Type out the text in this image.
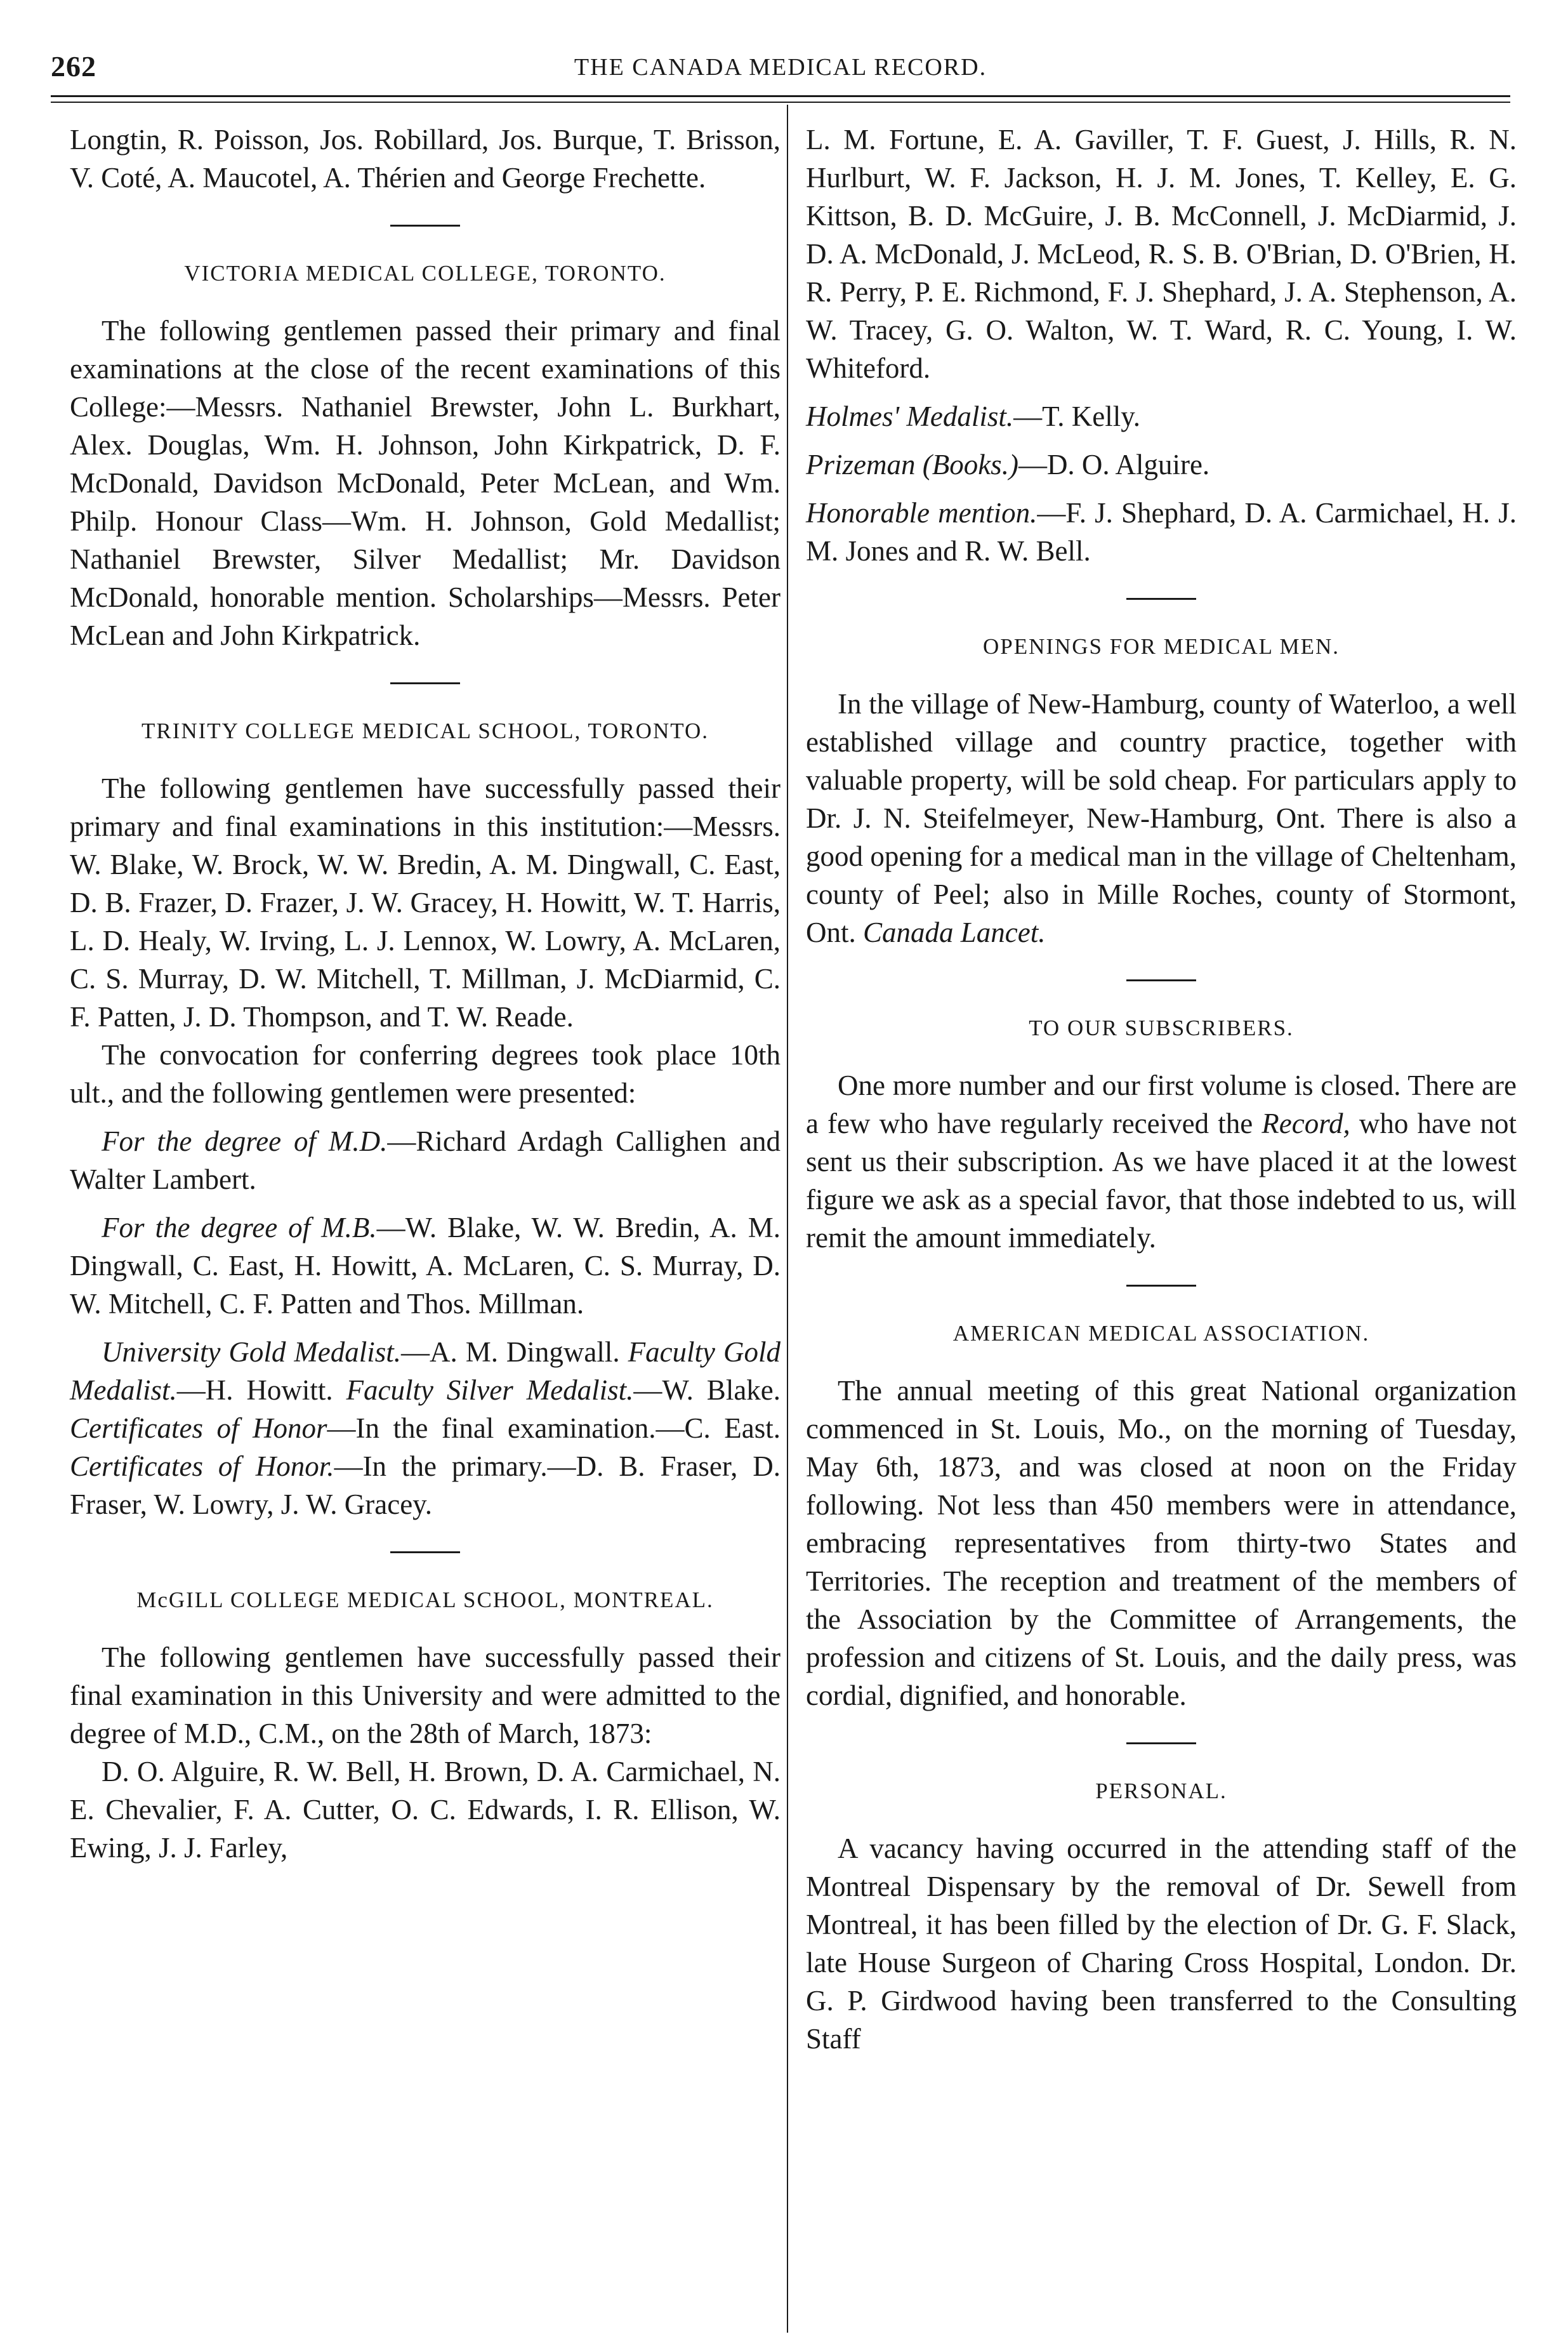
262	THE CANADA MEDICAL RECORD.

Longtin, R. Poisson, Jos. Robillard, Jos. Burque, T. Brisson, V. Coté, A. Maucotel, A. Thérien and George Frechette.

VICTORIA MEDICAL COLLEGE, TORONTO.

The following gentlemen passed their primary and final examinations at the close of the recent examinations of this College:—Messrs. Nathaniel Brewster, John L. Burkhart, Alex. Douglas, Wm. H. Johnson, John Kirkpatrick, D. F. McDonald, Davidson McDonald, Peter McLean, and Wm. Philp. Honour Class—Wm. H. Johnson, Gold Medallist; Nathaniel Brewster, Silver Medallist; Mr. Davidson McDonald, honorable mention. Scholarships—Messrs. Peter McLean and John Kirkpatrick.

TRINITY COLLEGE MEDICAL SCHOOL, TORONTO.

The following gentlemen have successfully passed their primary and final examinations in this institution:—Messrs. W. Blake, W. Brock, W. W. Bredin, A. M. Dingwall, C. East, D. B. Frazer, D. Frazer, J. W. Gracey, H. Howitt, W. T. Harris, L. D. Healy, W. Irving, L. J. Lennox, W. Lowry, A. McLaren, C. S. Murray, D. W. Mitchell, T. Millman, J. McDiarmid, C. F. Patten, J. D. Thompson, and T. W. Reade.

The convocation for conferring degrees took place 10th ult., and the following gentlemen were presented:

For the degree of M.D.—Richard Ardagh Callighen and Walter Lambert.

For the degree of M.B.—W. Blake, W. W. Bredin, A. M. Dingwall, C. East, H. Howitt, A. McLaren, C. S. Murray, D. W. Mitchell, C. F. Patten and Thos. Millman.

University Gold Medalist.—A. M. Dingwall. Faculty Gold Medalist.—H. Howitt. Faculty Silver Medalist.—W. Blake. Certificates of Honor—In the final examination.—C. East. Certificates of Honor.—In the primary.—D. B. Fraser, D. Fraser, W. Lowry, J. W. Gracey.

McGILL COLLEGE MEDICAL SCHOOL, MONTREAL.

The following gentlemen have successfully passed their final examination in this University and were admitted to the degree of M.D., C.M., on the 28th of March, 1873:

D. O. Alguire, R. W. Bell, H. Brown, D. A. Carmichael, N. E. Chevalier, F. A. Cutter, O. C. Edwards, I. R. Ellison, W. Ewing, J. J. Farley,

L. M. Fortune, E. A. Gaviller, T. F. Guest, J. Hills, R. N. Hurlburt, W. F. Jackson, H. J. M. Jones, T. Kelley, E. G. Kittson, B. D. McGuire, J. B. McConnell, J. McDiarmid, J. D. A. McDonald, J. McLeod, R. S. B. O'Brian, D. O'Brien, H. R. Perry, P. E. Richmond, F. J. Shephard, J. A. Stephenson, A. W. Tracey, G. O. Walton, W. T. Ward, R. C. Young, I. W. Whiteford.

Holmes' Medalist.—T. Kelly.

Prizeman (Books.)—D. O. Alguire.

Honorable mention.—F. J. Shephard, D. A. Carmichael, H. J. M. Jones and R. W. Bell.

OPENINGS FOR MEDICAL MEN.

In the village of New-Hamburg, county of Waterloo, a well established village and country practice, together with valuable property, will be sold cheap. For particulars apply to Dr. J. N. Steifelmeyer, New-Hamburg, Ont. There is also a good opening for a medical man in the village of Cheltenham, county of Peel; also in Mille Roches, county of Stormont, Ont. Canada Lancet.

TO OUR SUBSCRIBERS.

One more number and our first volume is closed. There are a few who have regularly received the Record, who have not sent us their subscription. As we have placed it at the lowest figure we ask as a special favor, that those indebted to us, will remit the amount immediately.

AMERICAN MEDICAL ASSOCIATION.

The annual meeting of this great National organization commenced in St. Louis, Mo., on the morning of Tuesday, May 6th, 1873, and was closed at noon on the Friday following. Not less than 450 members were in attendance, embracing representatives from thirty-two States and Territories. The reception and treatment of the members of the Association by the Committee of Arrangements, the profession and citizens of St. Louis, and the daily press, was cordial, dignified, and honorable.

PERSONAL.

A vacancy having occurred in the attending staff of the Montreal Dispensary by the removal of Dr. Sewell from Montreal, it has been filled by the election of Dr. G. F. Slack, late House Surgeon of Charing Cross Hospital, London. Dr. G. P. Girdwood having been transferred to the Consulting Staff
